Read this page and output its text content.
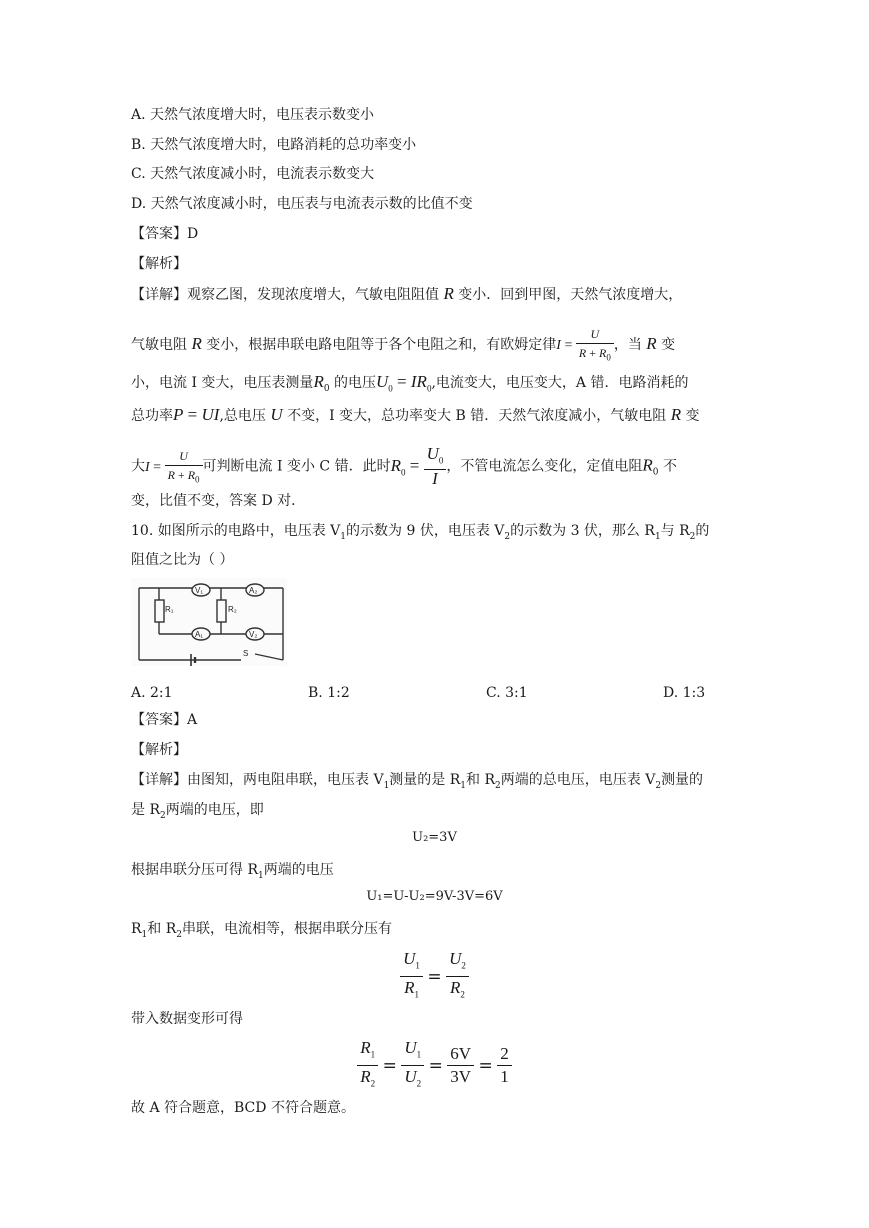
A. 天然气浓度增大时，电压表示数变小
B. 天然气浓度增大时，电路消耗的总功率变小
C. 天然气浓度减小时，电流表示数变大
D. 天然气浓度减小时，电压表与电流表示数的比值不变
【答案】D
【解析】
【详解】观察乙图，发现浓度增大，气敏电阻阻值 R 变小．回到甲图，天然气浓度增大，
气敏电阻 R 变小，根据串联电路电阻等于各个电阻之和，有欧姆定律$I = \frac{U}{R + R_0}$ ，当 R 变
小，电流 I 变大，电压表测量$R_0$ 的电压$U_0 = IR_0$,电流变大，电压变大，A 错．电路消耗的
总功率P = UI,总电压 U 不变，I 变大，总功率变大 B 错．天然气浓度减小，气敏电阻 R 变
大$I = \frac{U}{R + R_0}$ 可判断电流 I 变小 C 错．此时$R_0 = \frac{U_0}{I}$ ，不管电流怎么变化，定值电阻$R_0$ 不
变，比值不变，答案 D 对．
10. 如图所示的电路中，电压表 $V_1$的示数为 9 伏，电压表 $V_2$的示数为 3 伏，那么 $R_1$与 $R_2$的
阻值之比为（ ）
R₁	R₂
V₁	A₂
A₁	V₂
S
A. 2:1	B. 1:2	C. 3:1	D. 1:3
【答案】A
【解析】
【详解】由图知，两电阻串联，电压表 $V_1$测量的是 $R_1$和 $R_2$两端的总电压，电压表 $V_2$测量的
是 $R_2$两端的电压，即
U₂=3V
根据串联分压可得 $R_1$两端的电压
U₁=U-U₂=9V-3V=6V
$R_1$和 $R_2$串联，电流相等，根据串联分压有
$\frac{U_1}{R_1} = \frac{U_2}{R_2}$
带入数据变形可得
$\frac{R_1}{R_2} = \frac{U_1}{U_2} = \frac{6V}{3V} = \frac{2}{1}$
故 A 符合题意，BCD 不符合题意。
